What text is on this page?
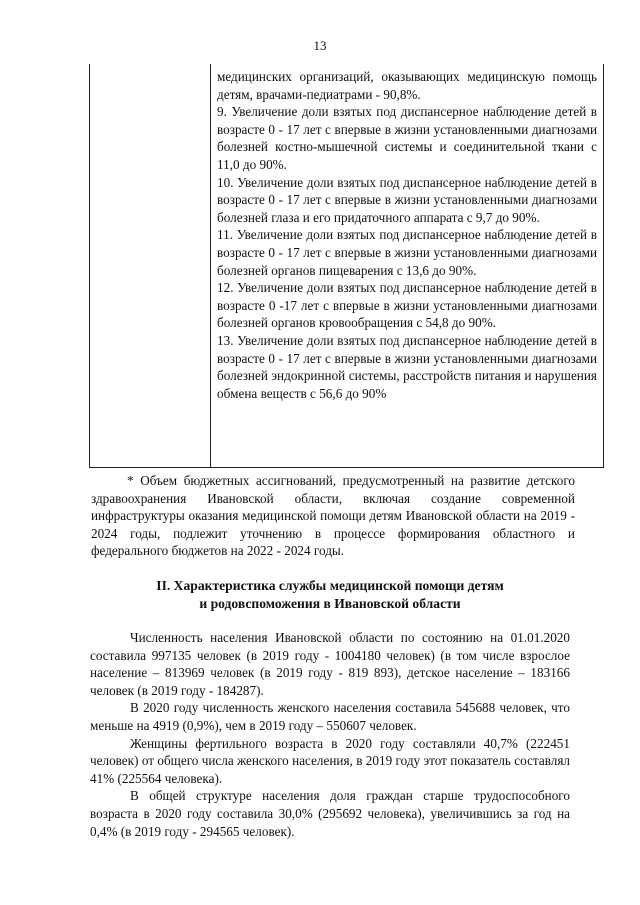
13

медицинских организаций, оказывающих медицинскую помощь детям, врачами-педиатрами - 90,8%.

9. Увеличение доли взятых под диспансерное наблюдение детей в возрасте 0 - 17 лет с впервые в жизни установленными диагнозами болезней костно-мышечной системы и соединительной ткани с 11,0 до 90%.

10. Увеличение доли взятых под диспансерное наблюдение детей в возрасте 0 - 17 лет с впервые в жизни установленными диагнозами болезней глаза и его придаточного аппарата с 9,7 до 90%.

11. Увеличение доли взятых под диспансерное наблюдение детей в возрасте 0 - 17 лет с впервые в жизни установленными диагнозами болезней органов пищеварения с 13,6 до 90%.

12. Увеличение доли взятых под диспансерное наблюдение детей в возрасте 0 -17 лет с впервые в жизни установленными диагнозами болезней органов кровообращения с 54,8 до 90%.

13. Увеличение доли взятых под диспансерное наблюдение детей в возрасте 0 - 17 лет с впервые в жизни установленными диагнозами болезней эндокринной системы, расстройств питания и нарушения обмена веществ с 56,6 до 90%

* Объем бюджетных ассигнований, предусмотренный на развитие детского здравоохранения Ивановской области, включая создание современной инфраструктуры оказания медицинской помощи детям Ивановской области на 2019 - 2024 годы, подлежит уточнению в процессе формирования областного и федерального бюджетов на 2022 - 2024 годы.

II. Характеристика службы медицинской помощи детям
и родовспоможения в Ивановской области

Численность населения Ивановской области по состоянию на 01.01.2020 составила 997135 человек (в 2019 году - 1004180 человек) (в том числе взрослое население – 813969 человек (в 2019 году - 819 893), детское население – 183166 человек (в 2019 году - 184287).

В 2020 году численность женского населения составила 545688 человек, что меньше на 4919 (0,9%), чем в 2019 году – 550607 человек.

Женщины фертильного возраста в 2020 году составляли 40,7% (222451 человек) от общего числа женского населения, в 2019 году этот показатель составлял 41% (225564 человека).

В общей структуре населения доля граждан старше трудоспособного возраста в 2020 году составила 30,0% (295692 человека), увеличившись за год на 0,4% (в 2019 году - 294565 человек).
